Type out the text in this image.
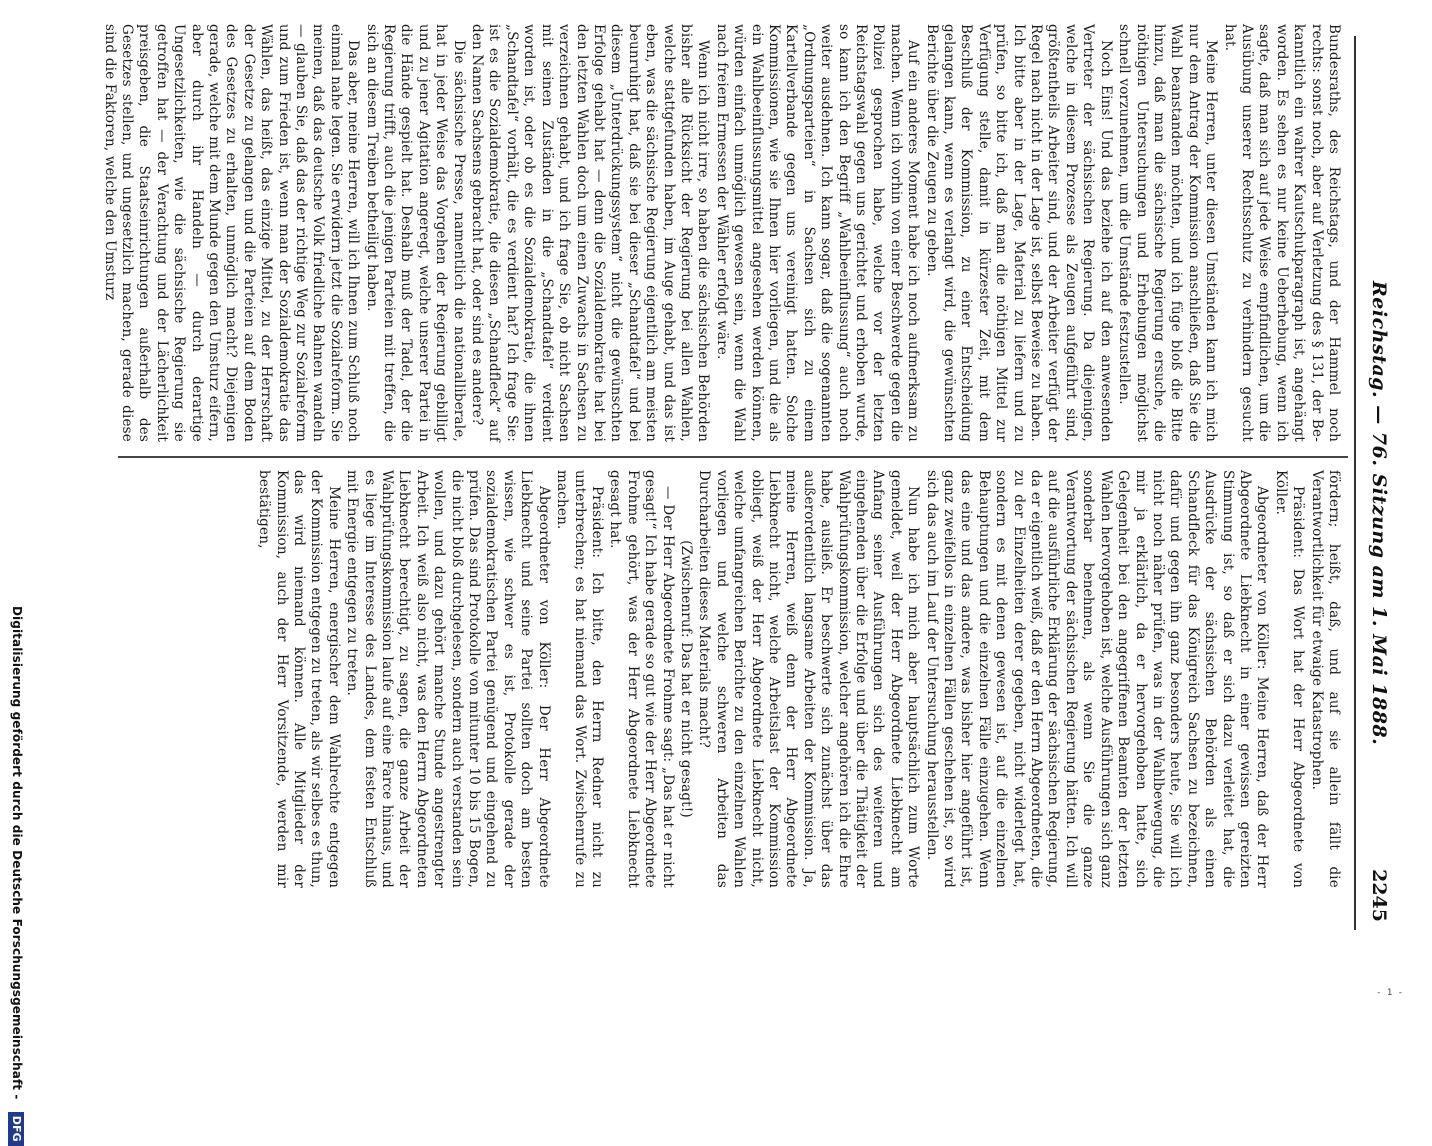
Digitalisierung gefördert durch die Deutsche Forschungsgemeinschaft - DFG
Reichstag. — 76. Sitzung am 1. Mai 1888.
2245

Bundesraths, des Reichstags, und der Hammel noch rechts: sonst noch, aber auf Verletzung des § 131, der Be-kanntlich ein wahrer Kautschukparagraph ist, angehängt worden. Es sehen es nur keine Ueberhebung, wenn ich sagte, daß man sich auf jede Weise empfindlichen, um die Ausübung unserer Rechtsschutz zu verhindern gesucht hat.

Meine Herren, unter diesen Umständen kann ich mich nur dem Antrag der Kommission anschließen, daß Sie die Wahl beanstanden möchten, und ich füge bloß die Bitte hinzu, daß man die sächsische Regierung ersuche, die nöthigen Untersuchungen und Erhebungen möglichst schnell vorzunehmen, um die Umstände festzustellen.

Noch Eins! Und das beziehe ich auf den anwesenden Vertreter der sächsischen Regierung. Da diejenigen, welche in diesem Prozesse als Zeugen aufgeführt sind, größtentheils Arbeiter sind, und der Arbeiter verfügt der Regel nach nicht in der Lage ist, selbst Beweise zu haben. Ich bitte aber in der Lage, Material zu liefern und zu prüfen, so bitte ich, daß man die nöthigen Mittel zur Verfügung stelle, damit in kürzester Zeit, mit dem Beschluß der Kommission, zu einer Entscheidung gelangen kann, wenn es verlangt wird, die gewünschten Berichte über die Zeugen zu geben.

Auf ein anderes Moment habe ich noch aufmerksam zu machen. Wenn ich vorhin von einer Beschwerde gegen die Polizei gesprochen habe, welche vor der letzten Reichstagswahl gegen uns gerichtet und erhoben wurde, so kann ich den Begriff „Wahlbeeinflussung“ auch noch weiter ausdehnen. Ich kann sogar, daß die sogenannten „Ordnungsparteien“ in Sachsen sich zu einem Kartellverbande gegen uns vereinigt hatten. Solche Kommissionen, wie sie Ihnen hier vorliegen, und die als ein Wahlbeeinflussungsmittel angesehen werden können, würden einfach unmöglich gewesen sein, wenn die Wahl nach freiem Ermessen der Wähler erfolgt wäre.

Wenn ich nicht irre, so haben die sächsischen Behörden bisher alle Rücksicht der Regierung bei allen Wahlen, welche stattgefunden haben, im Auge gehabt, und das ist eben, was die sächsische Regierung eigentlich am meisten beunruhigt hat, daß sie bei dieser „Schandtafel“ und bei diesem „Unterdrückungssystem“ nicht die gewünschten Erfolge gehabt hat — denn die Sozialdemokratie hat bei den letzten Wahlen doch um einen Zuwachs in Sachsen zu verzeichnen gehabt, und ich frage Sie, ob nicht Sachsen mit seinen Zuständen in die „Schandtafel“ verdient worden ist, oder ob es die Sozialdemokratie, die ihnen „Schandtafel“ vorhält, die es verdient hat? Ich frage Sie: ist es die Sozialdemokratie, die diesen „Schandfleck“ auf den Namen Sachsens gebracht hat, oder sind es andere?

Die sächsische Presse, namentlich die nationalliberale, hat in jeder Weise das Vorgehen der Regierung gebilligt und zu jener Agitation angeregt, welche unserer Partei in die Hände gespielt hat. Deshalb muß der Tadel, der die Regierung trifft, auch die jenigen Parteien mit treffen, die sich an diesem Treiben betheiligt haben.

Das aber, meine Herren, will ich Ihnen zum Schluß noch einmal nahe legen. Sie erwidern jetzt die Sozialreform. Sie meinen, daß das deutsche Volk friedliche Bahnen wandeln — glauben Sie, daß das der richtige Weg zur Sozialreform und zum Frieden ist, wenn man der Sozialdemokratie das Wählen, das heißt, das einzige Mittel, zu der Herrschaft der Gesetze zu gelangen und die Parteien auf dem Boden des Gesetzes zu erhalten, unmöglich macht? Diejenigen gerade, welche mit dem Munde gegen den Umsturz eifern, aber durch ihr Handeln — durch derartige Ungesetzlichkeiten, wie die sächsische Regierung sie getroffen hat — der Verachtung und der Lächerlichkeit preisgeben, die Staatseinrichtungen außerhalb des Gesetzes stellen, und ungesetzlich machen, gerade diese sind die Faktoren, welche den Umsturz

fördern; heißt, daß, und auf sie allein fällt die Verantwortlichkeit für etwaige Katastrophen.

Präsident: Das Wort hat der Herr Abgeordnete von Köller.

Abgeordneter von Köller: Meine Herren, daß der Herr Abgeordnete Liebknecht in einer gewissen gereizten Stimmung ist, so daß er sich dazu verleitet hat, die Ausdrücke der sächsischen Behörden als einen Schandfleck für das Königreich Sachsen zu bezeichnen, dafür und gegen ihn ganz besonders heute, Sie will ich nicht noch näher prüfen, was in der Wahlbewegung, die mir ja erklärlich, da er hervorgehoben hatte, sich Gelegenheit bei den angegriffenen Beamten der letzten Wahlen hervorgehoben ist, welche Ausführungen sich ganz sonderbar benehmen, als wenn Sie die ganze Verantwortung der sächsischen Regierung hätten. Ich will auf die ausführliche Erklärung der sächsischen Regierung, da er eigentlich weiß, daß er den Herrn Abgeordneten, die zu der Einzelheiten derer gegeben, nicht widerlegt hat, sondern es mit denen gewesen ist, auf die einzelnen Behauptungen und die einzelnen Fälle einzugehen. Wenn das eine und das andere, was bisher hier angeführt ist, ganz zweifellos in einzelnen Fällen geschehen ist, so wird sich das auch im Lauf der Untersuchung herausstellen.

Nun habe ich mich aber hauptsächlich zum Worte gemeldet, weil der Herr Abgeordnete Liebknecht am Anfang seiner Ausführungen sich des weiteren und eingehenden über die Erfolge und über die Thätigkeit der Wahlprüfungskommission, welcher angehören ich die Ehre habe, ausließ. Er beschwerte sich zunächst über das außerordentlich langsame Arbeiten der Kommission. Ja, meine Herren, weiß denn der Herr Abgeordnete Liebknecht nicht, welche Arbeitslast der Kommission obliegt, weiß der Herr Abgeordnete Liebknecht nicht, welche umfangreichen Berichte zu den einzelnen Wahlen vorliegen und welche schweren Arbeiten das Durcharbeiten dieses Materials macht?

(Zwischenruf: Das hat er nicht gesagt!)

— Der Herr Abgeordnete Frohme sagt: „Das hat er nicht gesagt!“ Ich habe gerade so gut wie der Herr Abgeordnete Frohme gehört, was der Herr Abgeordnete Liebknecht gesagt hat.

Präsident: Ich bitte, den Herrn Redner nicht zu unterbrechen; es hat niemand das Wort. Zwischenrufe zu machen.

Abgeordneter von Köller: Der Herr Abgeordnete Liebknecht und seine Partei sollten doch am besten wissen, wie schwer es ist, Protokolle gerade der sozialdemokratischen Partei genügend und eingehend zu prüfen. Das sind Protokolle von mitunter 10 bis 15 Bogen, die nicht bloß durchgelesen, sondern auch verstanden sein wollen, und dazu gehört manche Stunde angestrengter Arbeit. Ich weiß also nicht, was den Herrn Abgeordneten Liebknecht berechtigt, zu sagen, die ganze Arbeit der Wahlprüfungskommission laufe auf eine Farce hinaus, und es liege im Interesse des Landes, dem festen Entschluß mit Energie entgegen zu treten.

Meine Herren, energischer dem Wahlrechte entgegen der Kommission entgegen zu treten, als wir selbes es thun, das wird niemand können. Alle Mitglieder der Kommission, auch der Herr Vorsitzende, werden mir bestätigen,

- 1 -
